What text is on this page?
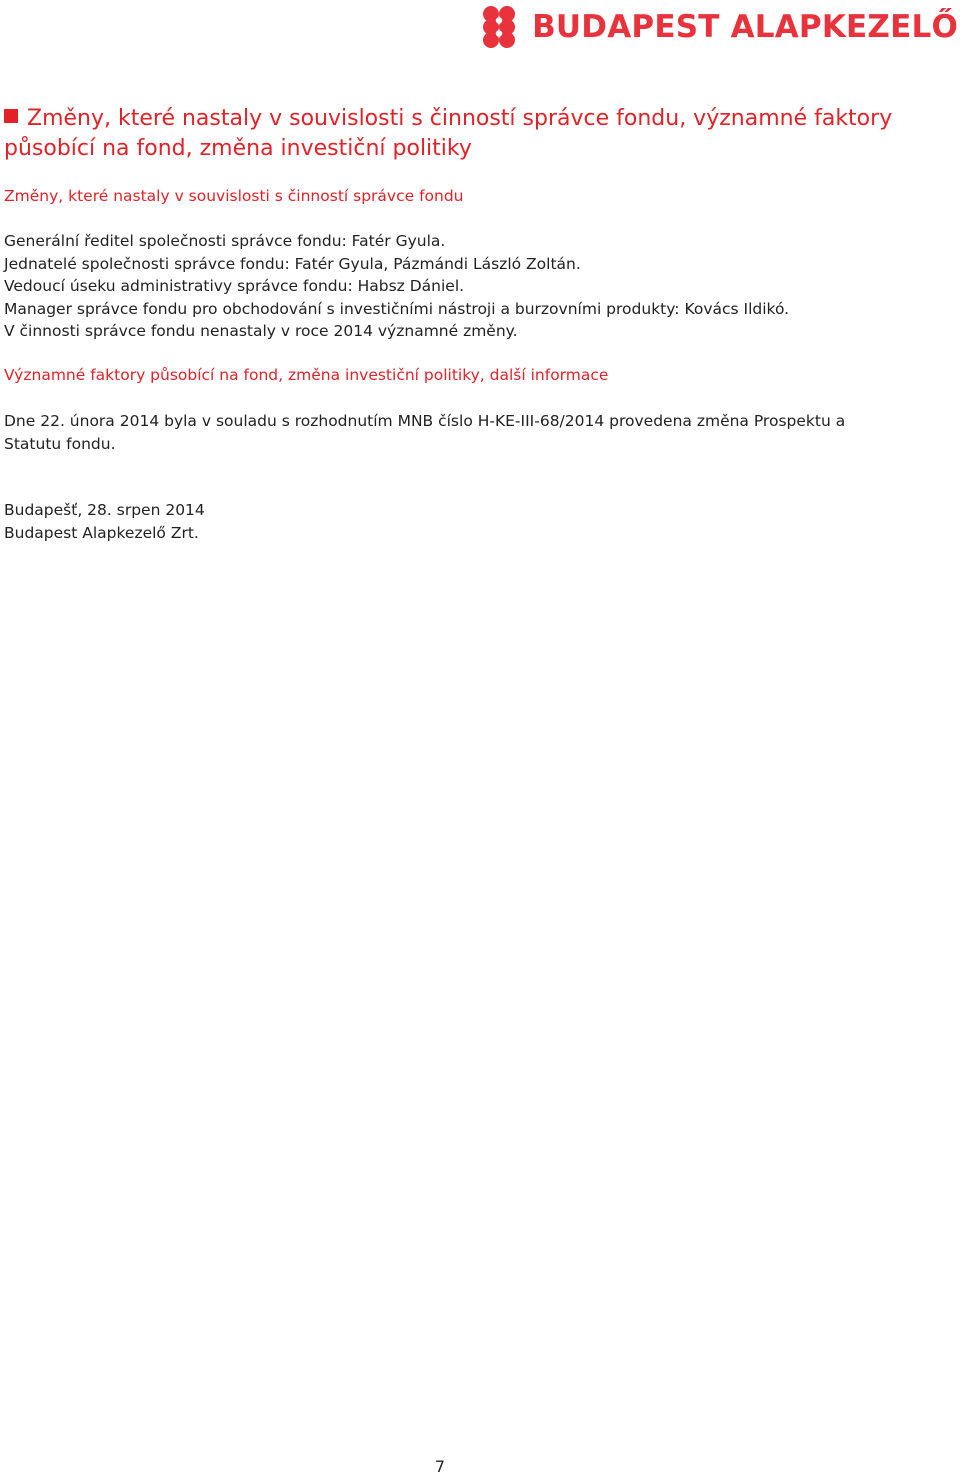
BUDAPEST ALAPKEZELŐ
Změny, které nastaly v souvislosti s činností správce fondu, významné faktory působící na fond, změna investiční politiky
Změny, které nastaly v souvislosti s činností správce fondu

Generální ředitel společnosti správce fondu: Fatér Gyula.

Jednatelé společnosti správce fondu: Fatér Gyula, Pázmándi László Zoltán.

Vedoucí úseku administrativy správce fondu: Habsz Dániel.

Manager správce fondu pro obchodování s investičními nástroji a burzovními produkty: Kovács Ildikó.

V činnosti správce fondu nenastaly v roce 2014 významné změny.

Významné faktory působící na fond, změna investiční politiky, další informace

Dne 22. února 2014 byla v souladu s rozhodnutím MNB číslo H-KE-III-68/2014 provedena změna Prospektu a Statutu fondu.

Budapešť, 28. srpen 2014

Budapest Alapkezelő Zrt.

7
